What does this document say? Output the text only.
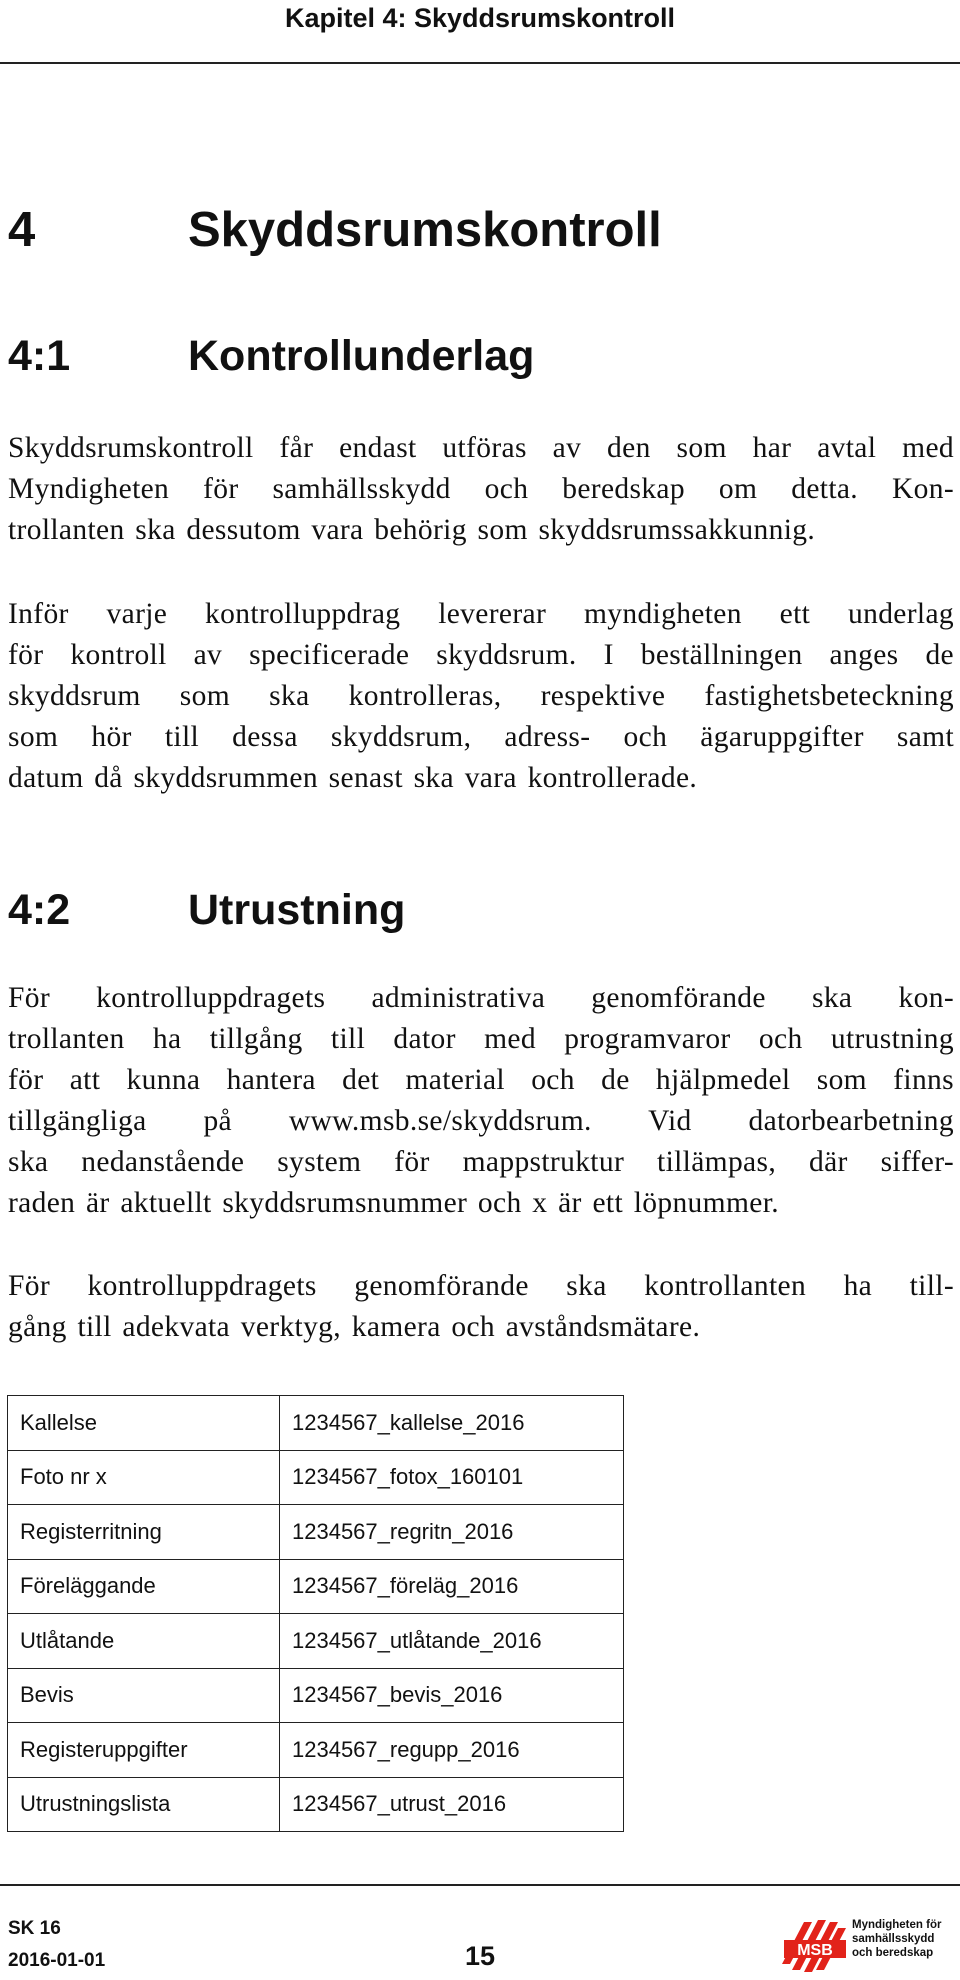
Kapitel 4: Skyddsrumskontroll
4	Skyddsrumskontroll
4:1	Kontrollunderlag

Skyddsrumskontroll får endast utföras av den som har avtal med
Myndigheten för samhällsskydd och beredskap om detta. Kon-
trollanten ska dessutom vara behörig som skyddsrumssakkunnig.

Inför varje kontrolluppdrag levererar myndigheten ett underlag
för kontroll av specificerade skyddsrum. I beställningen anges de
skyddsrum som ska kontrolleras, respektive fastighetsbeteckning
som hör till dessa skyddsrum, adress- och ägaruppgifter samt
datum då skyddsrummen senast ska vara kontrollerade.

4:2	Utrustning

För kontrolluppdragets administrativa genomförande ska kon-
trollanten ha tillgång till dator med programvaror och utrustning
för att kunna hantera det material och de hjälpmedel som finns
tillgängliga på www.msb.se/skyddsrum. Vid datorbearbetning
ska nedanstående system för mappstruktur tillämpas, där siffer-
raden är aktuellt skyddsrumsnummer och x är ett löpnummer.

För kontrolluppdragets genomförande ska kontrollanten ha till-
gång till adekvata verktyg, kamera och avståndsmätare.

Kallelse	1234567_kallelse_2016
Foto nr x	1234567_fotox_160101
Registerritning	1234567_regritn_2016
Föreläggande	1234567_föreläg_2016
Utlåtande	1234567_utlåtande_2016
Bevis	1234567_bevis_2016
Registeruppgifter	1234567_regupp_2016
Utrustningslista	1234567_utrust_2016
SK 16
2016-01-01	15	MSB
Myndigheten för
samhällsskydd
och beredskap
